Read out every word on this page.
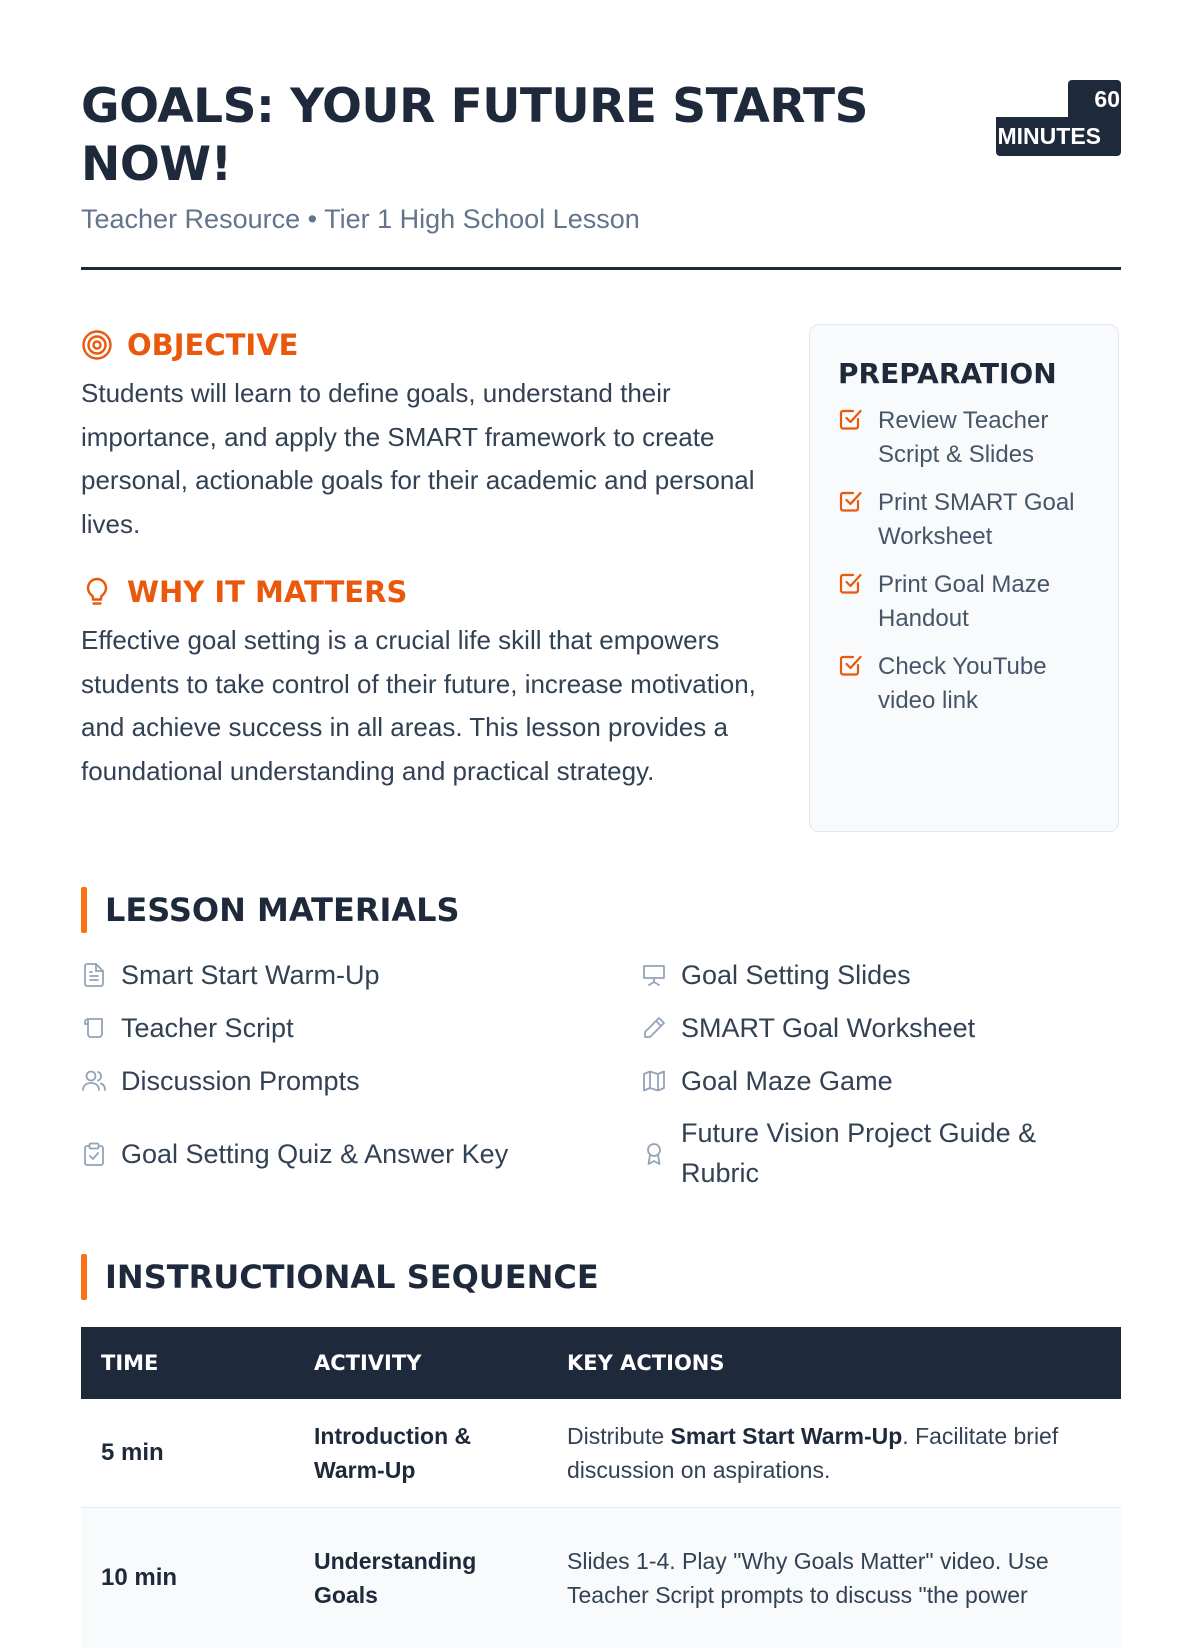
GOALS: YOUR FUTURE STARTS NOW!
Teacher Resource • Tier 1 High School Lesson
60
MINUTES
OBJECTIVE

Students will learn to define goals, understand their importance, and apply the SMART framework to create personal, actionable goals for their academic and personal lives.

WHY IT MATTERS

Effective goal setting is a crucial life skill that empowers students to take control of their future, increase motivation, and achieve success in all areas. This lesson provides a foundational understanding and practical strategy.

PREPARATION
Review Teacher Script & Slides
Print SMART Goal Worksheet
Print Goal Maze Handout
Check YouTube video link
LESSON MATERIALS
Smart Start Warm-Up	Goal Setting Slides
Teacher Script	SMART Goal Worksheet
Discussion Prompts	Goal Maze Game
Goal Setting Quiz & Answer Key
Future Vision Project Guide & Rubric
INSTRUCTIONAL SEQUENCE
TIME	ACTIVITY	KEY ACTIONS
5 min	Introduction & Warm-Up	Distribute Smart Start Warm-Up. Facilitate brief discussion on aspirations.
10 min	Understanding Goals	Slides 1-4. Play "Why Goals Matter" video. Use Teacher Script prompts to discuss "the power
